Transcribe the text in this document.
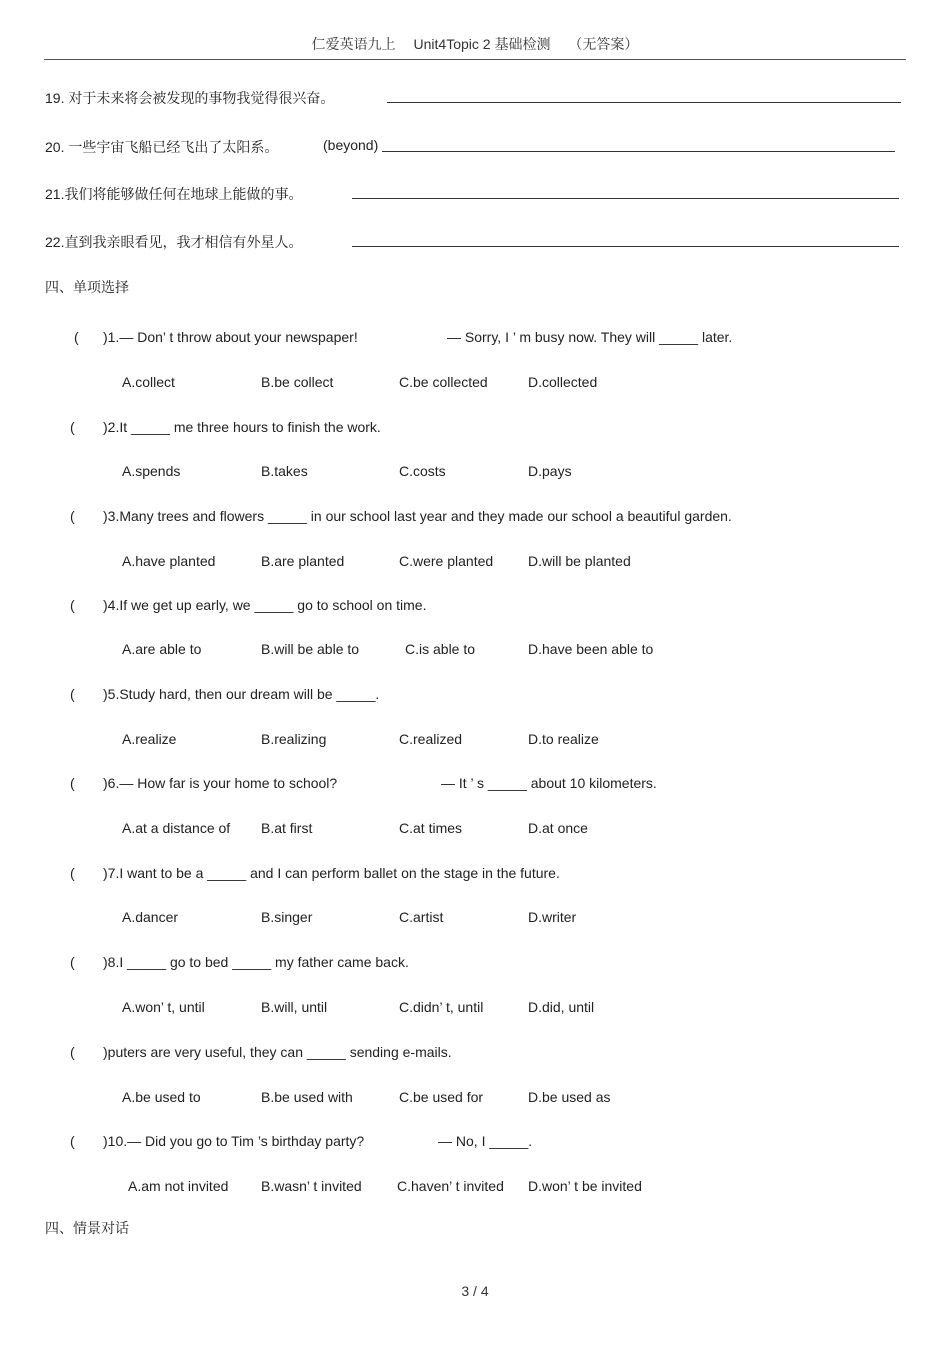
仁爱英语九上　 Unit4Topic 2 基础检测　 （无答案）
19. 对于未来将会被发现的事物我觉得很兴奋。
20. 一些宇宙飞船已经飞出了太阳系。	(beyond)
21.我们将能够做任何在地球上能做的事。
22.直到我亲眼看见，我才相信有外星人。
四、单项选择
( )1.— Don’ t throw about your newspaper!	— Sorry, I ’ m busy now. They will _____ later.
A.collect	B.be collect	C.be collected	D.collected
( )2.It _____ me three hours to finish the work.
A.spends	B.takes	C.costs	D.pays
( )3.Many trees and flowers _____ in our school last year and they made our school a beautiful garden.
A.have planted	B.are planted	C.were planted D.will be planted
( )4.If we get up early, we _____ go to school on time.
A.are able to	B.will be able to	C.is able to	D.have been able to
( )5.Study hard, then our dream will be _____.
A.realize	B.realizing	C.realized	D.to realize
( )6.— How far is your home to school?	— It ’ s _____ about 10 kilometers.
A.at a distance of B.at first	C.at times	D.at once
( )7.I want to be a _____ and I can perform ballet on the stage in the future.
A.dancer	B.singer	C.artist	D.writer
( )8.I _____ go to bed _____ my father came back.
A.won’ t, until	B.will, until	C.didn’ t, until	D.did, until
( )puters are very useful, they can _____ sending e-mails.
A.be used to	B.be used with	C.be used for	D.be used as
( )10.— Did you go to Tim ’s birthday party?	— No, I _____.
A.am not invited B.wasn’ t invited	C.haven’ t invited D.won’ t be invited
四、情景对话
3 / 4
